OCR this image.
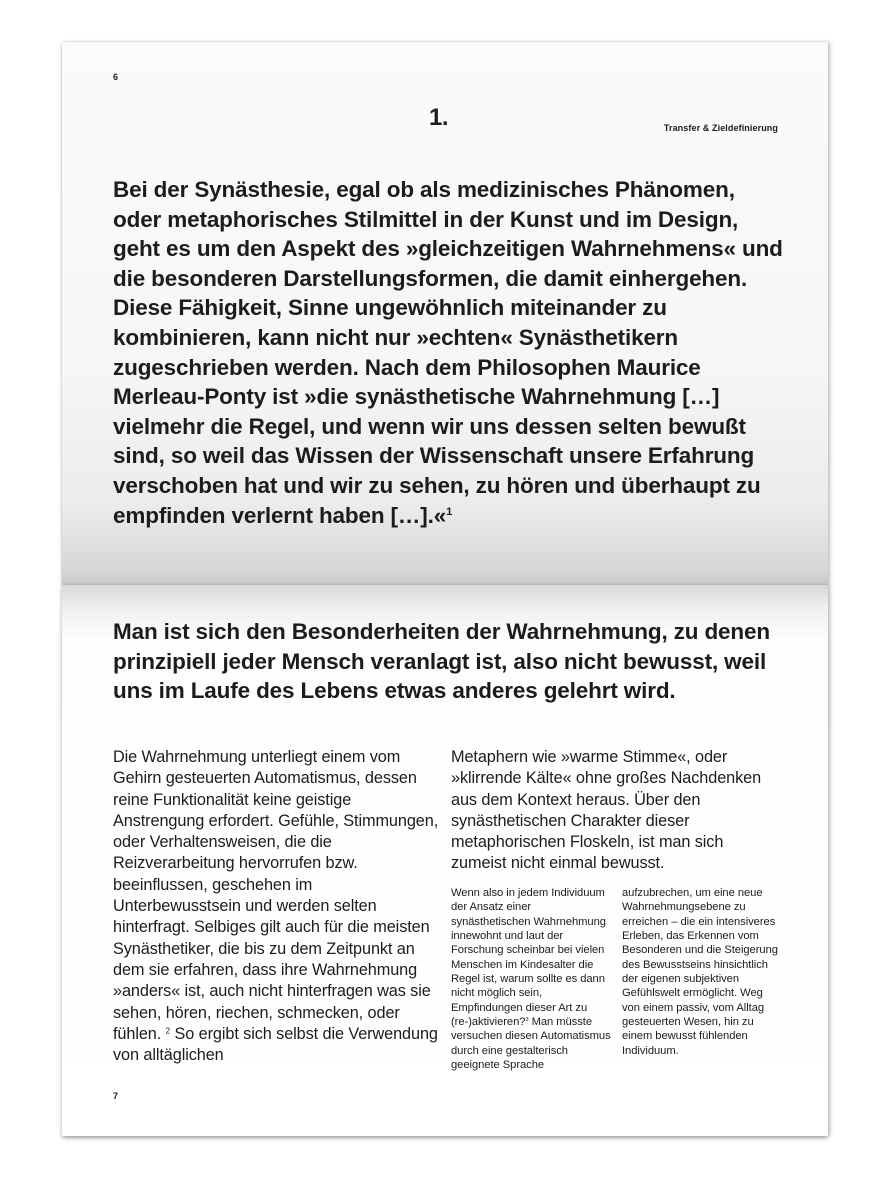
6
1.	Transfer & Zieldefinierung

Bei der Synästhesie, egal ob als medizinisches Phänomen, oder metaphorisches Stilmittel in der Kunst und im Design, geht es um den Aspekt des »gleichzeitigen Wahrnehmens« und die besonderen Darstellungsformen, die damit einhergehen. Diese Fähigkeit, Sinne ungewöhnlich miteinander zu kombinieren, kann nicht nur »echten« Synästhetikern zugeschrieben werden. Nach dem Philosophen Maurice Merleau-Ponty ist »die synästhetische Wahrnehmung […] vielmehr die Regel, und wenn wir uns dessen selten bewußt sind, so weil das Wissen der Wissenschaft unsere Erfahrung verschoben hat und wir zu sehen, zu hören und überhaupt zu empfinden verlernt haben […].«$^1$

Man ist sich den Besonderheiten der Wahrnehmung, zu denen prinzipiell jeder Mensch veranlagt ist, also nicht bewusst, weil uns im Laufe des Lebens etwas anderes gelehrt wird.

Die Wahrnehmung unterliegt einem vom Gehirn gesteuerten Automatismus, dessen reine Funktionalität keine geistige Anstrengung erfordert. Gefühle, Stimmungen, oder Verhaltensweisen, die die Reizverarbeitung hervorrufen bzw. beeinflussen, geschehen im Unterbewusstsein und werden selten hinterfragt. Selbiges gilt auch für die meisten Synästhetiker, die bis zu dem Zeitpunkt an dem sie erfahren, dass ihre Wahrnehmung »anders« ist, auch nicht hinterfragen was sie sehen, hören, riechen, schmecken, oder fühlen. $^2$ So ergibt sich selbst die Verwendung von alltäglichen

Metaphern wie »warme Stimme«, oder »klirrende Kälte« ohne großes Nachdenken aus dem Kontext heraus. Über den synästhetischen Charakter dieser metaphorischen Floskeln, ist man sich zumeist nicht einmal bewusst.

Wenn also in jedem Individuum der Ansatz einer synästhetischen Wahrnehmung innewohnt und laut der Forschung scheinbar bei vielen Menschen im Kindesalter die Regel ist, warum sollte es dann nicht möglich sein, Empfindungen dieser Art zu (re-)aktivieren?$^3$ Man müsste versuchen diesen Automatismus durch eine gestalterisch geeignete Sprache

aufzubrechen, um eine neue Wahrnehmungsebene zu erreichen – die ein intensiveres Erleben, das Erkennen vom Besonderen und die Steigerung des Bewusstseins hinsichtlich der eigenen subjektiven Gefühlswelt ermöglicht. Weg von einem passiv, vom Alltag gesteuerten Wesen, hin zu einem bewusst fühlenden Individuum.

7
